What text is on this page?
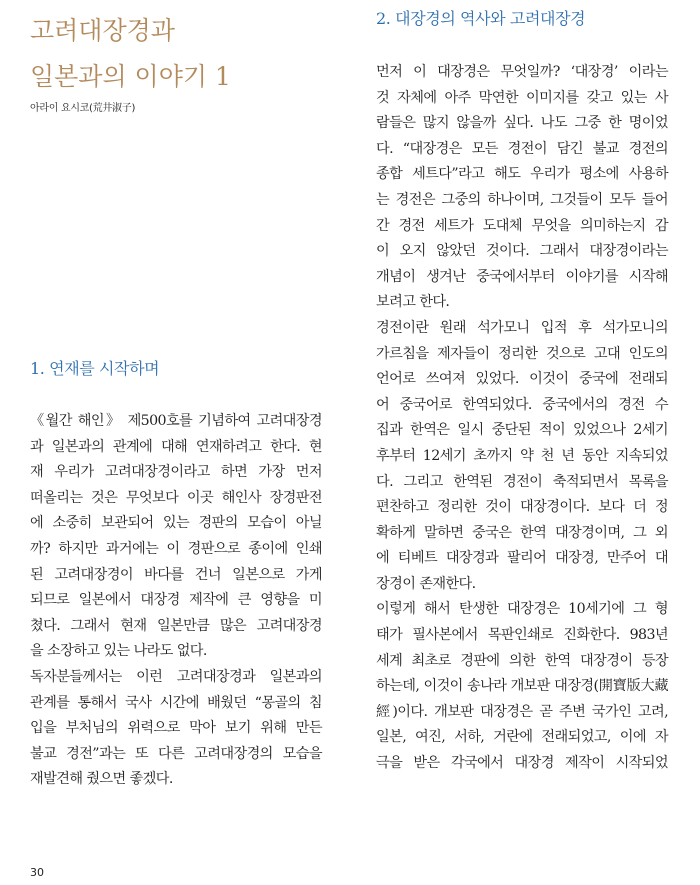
고려대장경과
일본과의 이야기 1
아라이 요시코(荒井淑子)
1. 연재를 시작하며
《월간 해인》 제500호를 기념하여 고려대장경
과 일본과의 관계에 대해 연재하려고 한다. 현
재 우리가 고려대장경이라고 하면 가장 먼저
떠올리는 것은 무엇보다 이곳 해인사 장경판전
에 소중히 보관되어 있는 경판의 모습이 아닐
까? 하지만 과거에는 이 경판으로 종이에 인쇄
된 고려대장경이 바다를 건너 일본으로 가게
되므로 일본에서 대장경 제작에 큰 영향을 미
쳤다. 그래서 현재 일본만큼 많은 고려대장경
을 소장하고 있는 나라도 없다.
독자분들께서는 이런 고려대장경과 일본과의
관계를 통해서 국사 시간에 배웠던 “몽골의 침
입을 부처님의 위력으로 막아 보기 위해 만든
불교 경전”과는 또 다른 고려대장경의 모습을
재발견해 줬으면 좋겠다.
2. 대장경의 역사와 고려대장경
먼저 이 대장경은 무엇일까? ‘대장경’ 이라는
것 자체에 아주 막연한 이미지를 갖고 있는 사
람들은 많지 않을까 싶다. 나도 그중 한 명이었
다. “대장경은 모든 경전이 담긴 불교 경전의
종합 세트다”라고 해도 우리가 평소에 사용하
는 경전은 그중의 하나이며, 그것들이 모두 들어
간 경전 세트가 도대체 무엇을 의미하는지 감
이 오지 않았던 것이다. 그래서 대장경이라는
개념이 생겨난 중국에서부터 이야기를 시작해
보려고 한다.
경전이란 원래 석가모니 입적 후 석가모니의
가르침을 제자들이 정리한 것으로 고대 인도의
언어로 쓰여져 있었다. 이것이 중국에 전래되
어 중국어로 한역되었다. 중국에서의 경전 수
집과 한역은 일시 중단된 적이 있었으나 2세기
후부터 12세기 초까지 약 천 년 동안 지속되었
다. 그리고 한역된 경전이 축적되면서 목록을
편찬하고 정리한 것이 대장경이다. 보다 더 정
확하게 말하면 중국은 한역 대장경이며, 그 외
에 티베트 대장경과 팔리어 대장경, 만주어 대
장경이 존재한다.
이렇게 해서 탄생한 대장경은 10세기에 그 형
태가 필사본에서 목판인쇄로 진화한다. 983년
세계 최초로 경판에 의한 한역 대장경이 등장
하는데, 이것이 송나라 개보판 대장경(開寶版大藏
經)이다. 개보판 대장경은 곧 주변 국가인 고려,
일본, 여진, 서하, 거란에 전래되었고, 이에 자
극을 받은 각국에서 대장경 제작이 시작되었
30
